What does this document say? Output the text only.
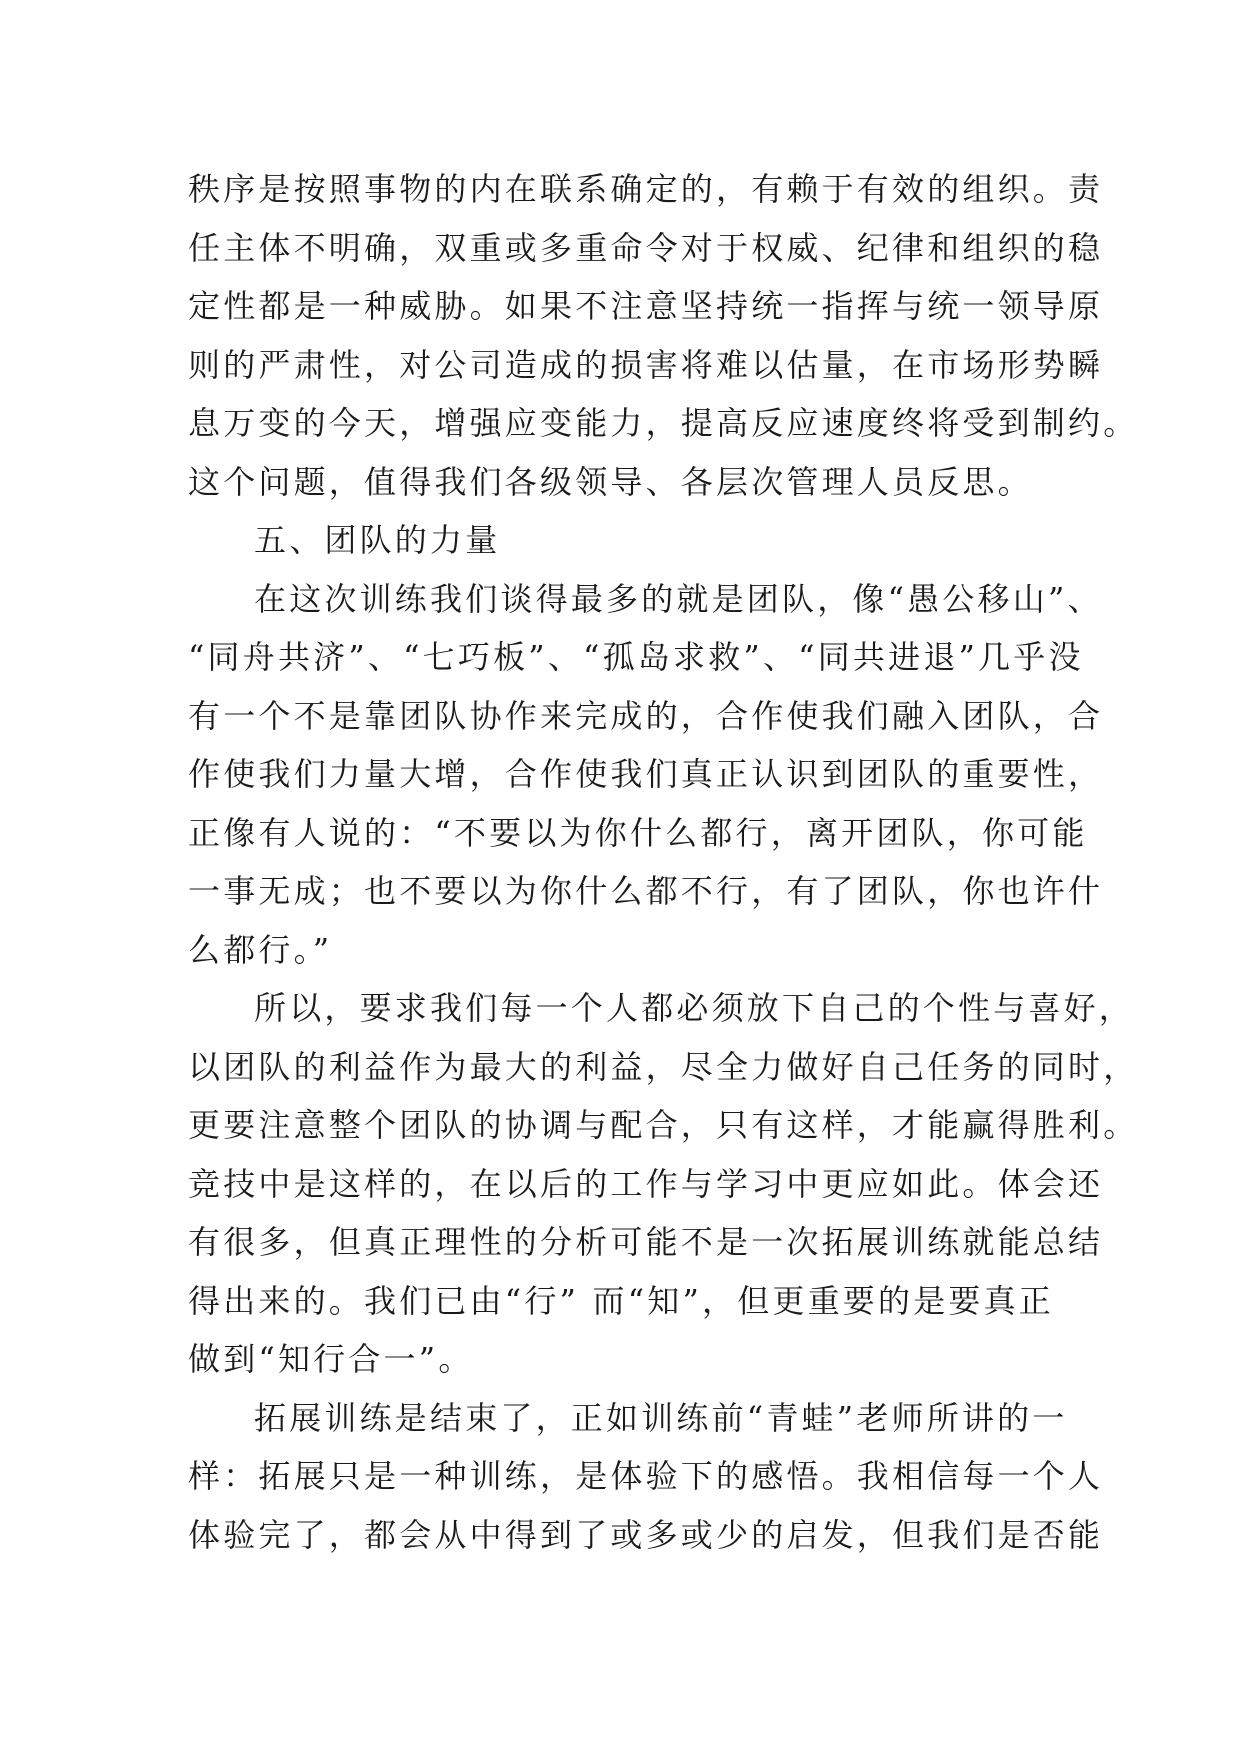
秩序是按照事物的内在联系确定的，有赖于有效的组织。责
任主体不明确，双重或多重命令对于权威、纪律和组织的稳
定性都是一种威胁。如果不注意坚持统一指挥与统一领导原
则的严肃性，对公司造成的损害将难以估量，在市场形势瞬
息万变的今天，增强应变能力，提高反应速度终将受到制约。
这个问题，值得我们各级领导、各层次管理人员反思。
五、团队的力量
在这次训练我们谈得最多的就是团队，像“愚公移山”、
“同舟共济”、“七巧板”、“孤岛求救”、“同共进退”几乎没
有一个不是靠团队协作来完成的，合作使我们融入团队，合
作使我们力量大增，合作使我们真正认识到团队的重要性，
正像有人说的：“不要以为你什么都行，离开团队，你可能
一事无成；也不要以为你什么都不行，有了团队，你也许什
么都行。”
所以，要求我们每一个人都必须放下自己的个性与喜好，
以团队的利益作为最大的利益，尽全力做好自己任务的同时，
更要注意整个团队的协调与配合，只有这样，才能赢得胜利。
竞技中是这样的，在以后的工作与学习中更应如此。体会还
有很多，但真正理性的分析可能不是一次拓展训练就能总结
得出来的。我们已由“行” 而“知”，但更重要的是要真正
做到“知行合一”。
拓展训练是结束了，正如训练前“青蛙”老师所讲的一
样：拓展只是一种训练，是体验下的感悟。我相信每一个人
体验完了，都会从中得到了或多或少的启发，但我们是否能
